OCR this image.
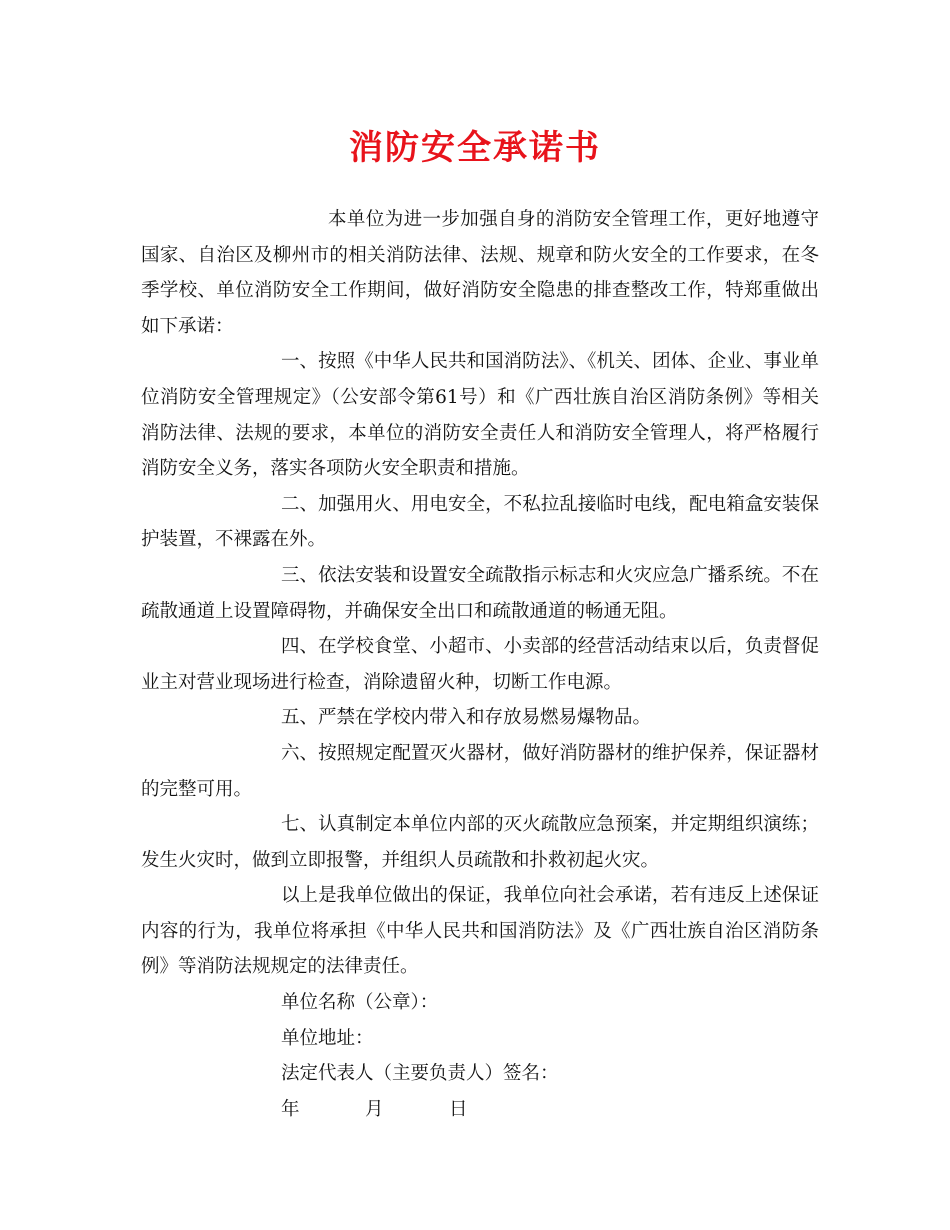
消防安全承诺书

本单位为进一步加强自身的消防安全管理工作，更好地遵守国家、自治区及柳州市的相关消防法律、法规、规章和防火安全的工作要求，在冬季学校、单位消防安全工作期间，做好消防安全隐患的排查整改工作，特郑重做出如下承诺：

一、按照《中华人民共和国消防法》、《机关、团体、企业、事业单位消防安全管理规定》（公安部令第61号）和《广西壮族自治区消防条例》等相关消防法律、法规的要求，本单位的消防安全责任人和消防安全管理人，将严格履行消防安全义务，落实各项防火安全职责和措施。

二、加强用火、用电安全，不私拉乱接临时电线，配电箱盒安装保护装置，不裸露在外。

三、依法安装和设置安全疏散指示标志和火灾应急广播系统。不在疏散通道上设置障碍物，并确保安全出口和疏散通道的畅通无阻。

四、在学校食堂、小超市、小卖部的经营活动结束以后，负责督促业主对营业现场进行检查，消除遗留火种，切断工作电源。

五、严禁在学校内带入和存放易燃易爆物品。

六、按照规定配置灭火器材，做好消防器材的维护保养，保证器材的完整可用。

七、认真制定本单位内部的灭火疏散应急预案，并定期组织演练；发生火灾时，做到立即报警，并组织人员疏散和扑救初起火灾。

以上是我单位做出的保证，我单位向社会承诺，若有违反上述保证内容的行为，我单位将承担《中华人民共和国消防法》及《广西壮族自治区消防条例》等消防法规规定的法律责任。

单位名称（公章）：

单位地址：

法定代表人（主要负责人）签名：

年	月	日
